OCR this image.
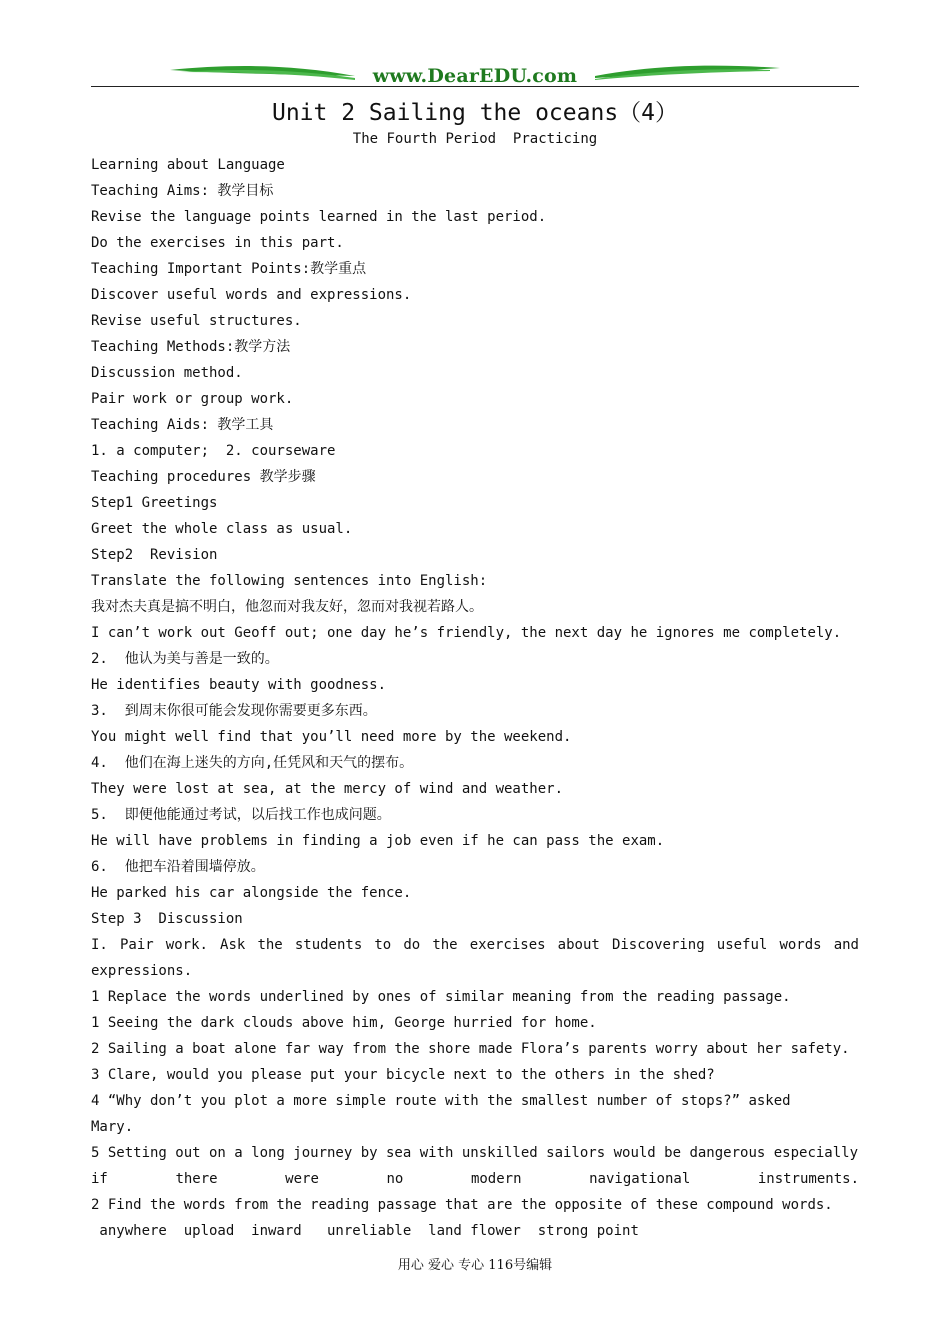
www.DearEDU.com
Unit 2 Sailing the oceans（4）
The Fourth Period  Practicing
Learning about Language
Teaching Aims: 教学目标
Revise the language points learned in the last period.
Do the exercises in this part.
Teaching Important Points:教学重点
Discover useful words and expressions.
Revise useful structures.
Teaching Methods:教学方法
Discussion method.
Pair work or group work.
Teaching Aids: 教学工具
1. a computer;  2. courseware
Teaching procedures 教学步骤
Step1 Greetings
Greet the whole class as usual.
Step2  Revision
Translate the following sentences into English:
我对杰夫真是搞不明白，他忽而对我友好，忽而对我视若路人。
I can’t work out Geoff out; one day he’s friendly, the next day he ignores me completely.
2.  他认为美与善是一致的。
He identifies beauty with goodness.
3.  到周末你很可能会发现你需要更多东西。
You might well find that you’ll need more by the weekend.
4.  他们在海上迷失的方向,任凭风和天气的摆布。
They were lost at sea, at the mercy of wind and weather.
5.  即便他能通过考试，以后找工作也成问题。
He will have problems in finding a job even if he can pass the exam.
6.  他把车沿着围墙停放。
He parked his car alongside the fence.
Step 3  Discussion
I. Pair work. Ask the students to do the exercises about Discovering useful words and
expressions.
1 Replace the words underlined by ones of similar meaning from the reading passage.
1 Seeing the dark clouds above him, George hurried for home.
2 Sailing a boat alone far way from the shore made Flora’s parents worry about her safety.
3 Clare, would you please put your bicycle next to the others in the shed?
4 “Why don’t you plot a more simple route with the smallest number of stops?” asked
Mary.
5 Setting out on a long journey by sea with unskilled sailors would be dangerous especially
if there were no modern navigational instruments.
2 Find the words from the reading passage that are the opposite of these compound words.
anywhere  upload  inward   unreliable  land flower  strong point
用心 爱心 专心 116号编辑
